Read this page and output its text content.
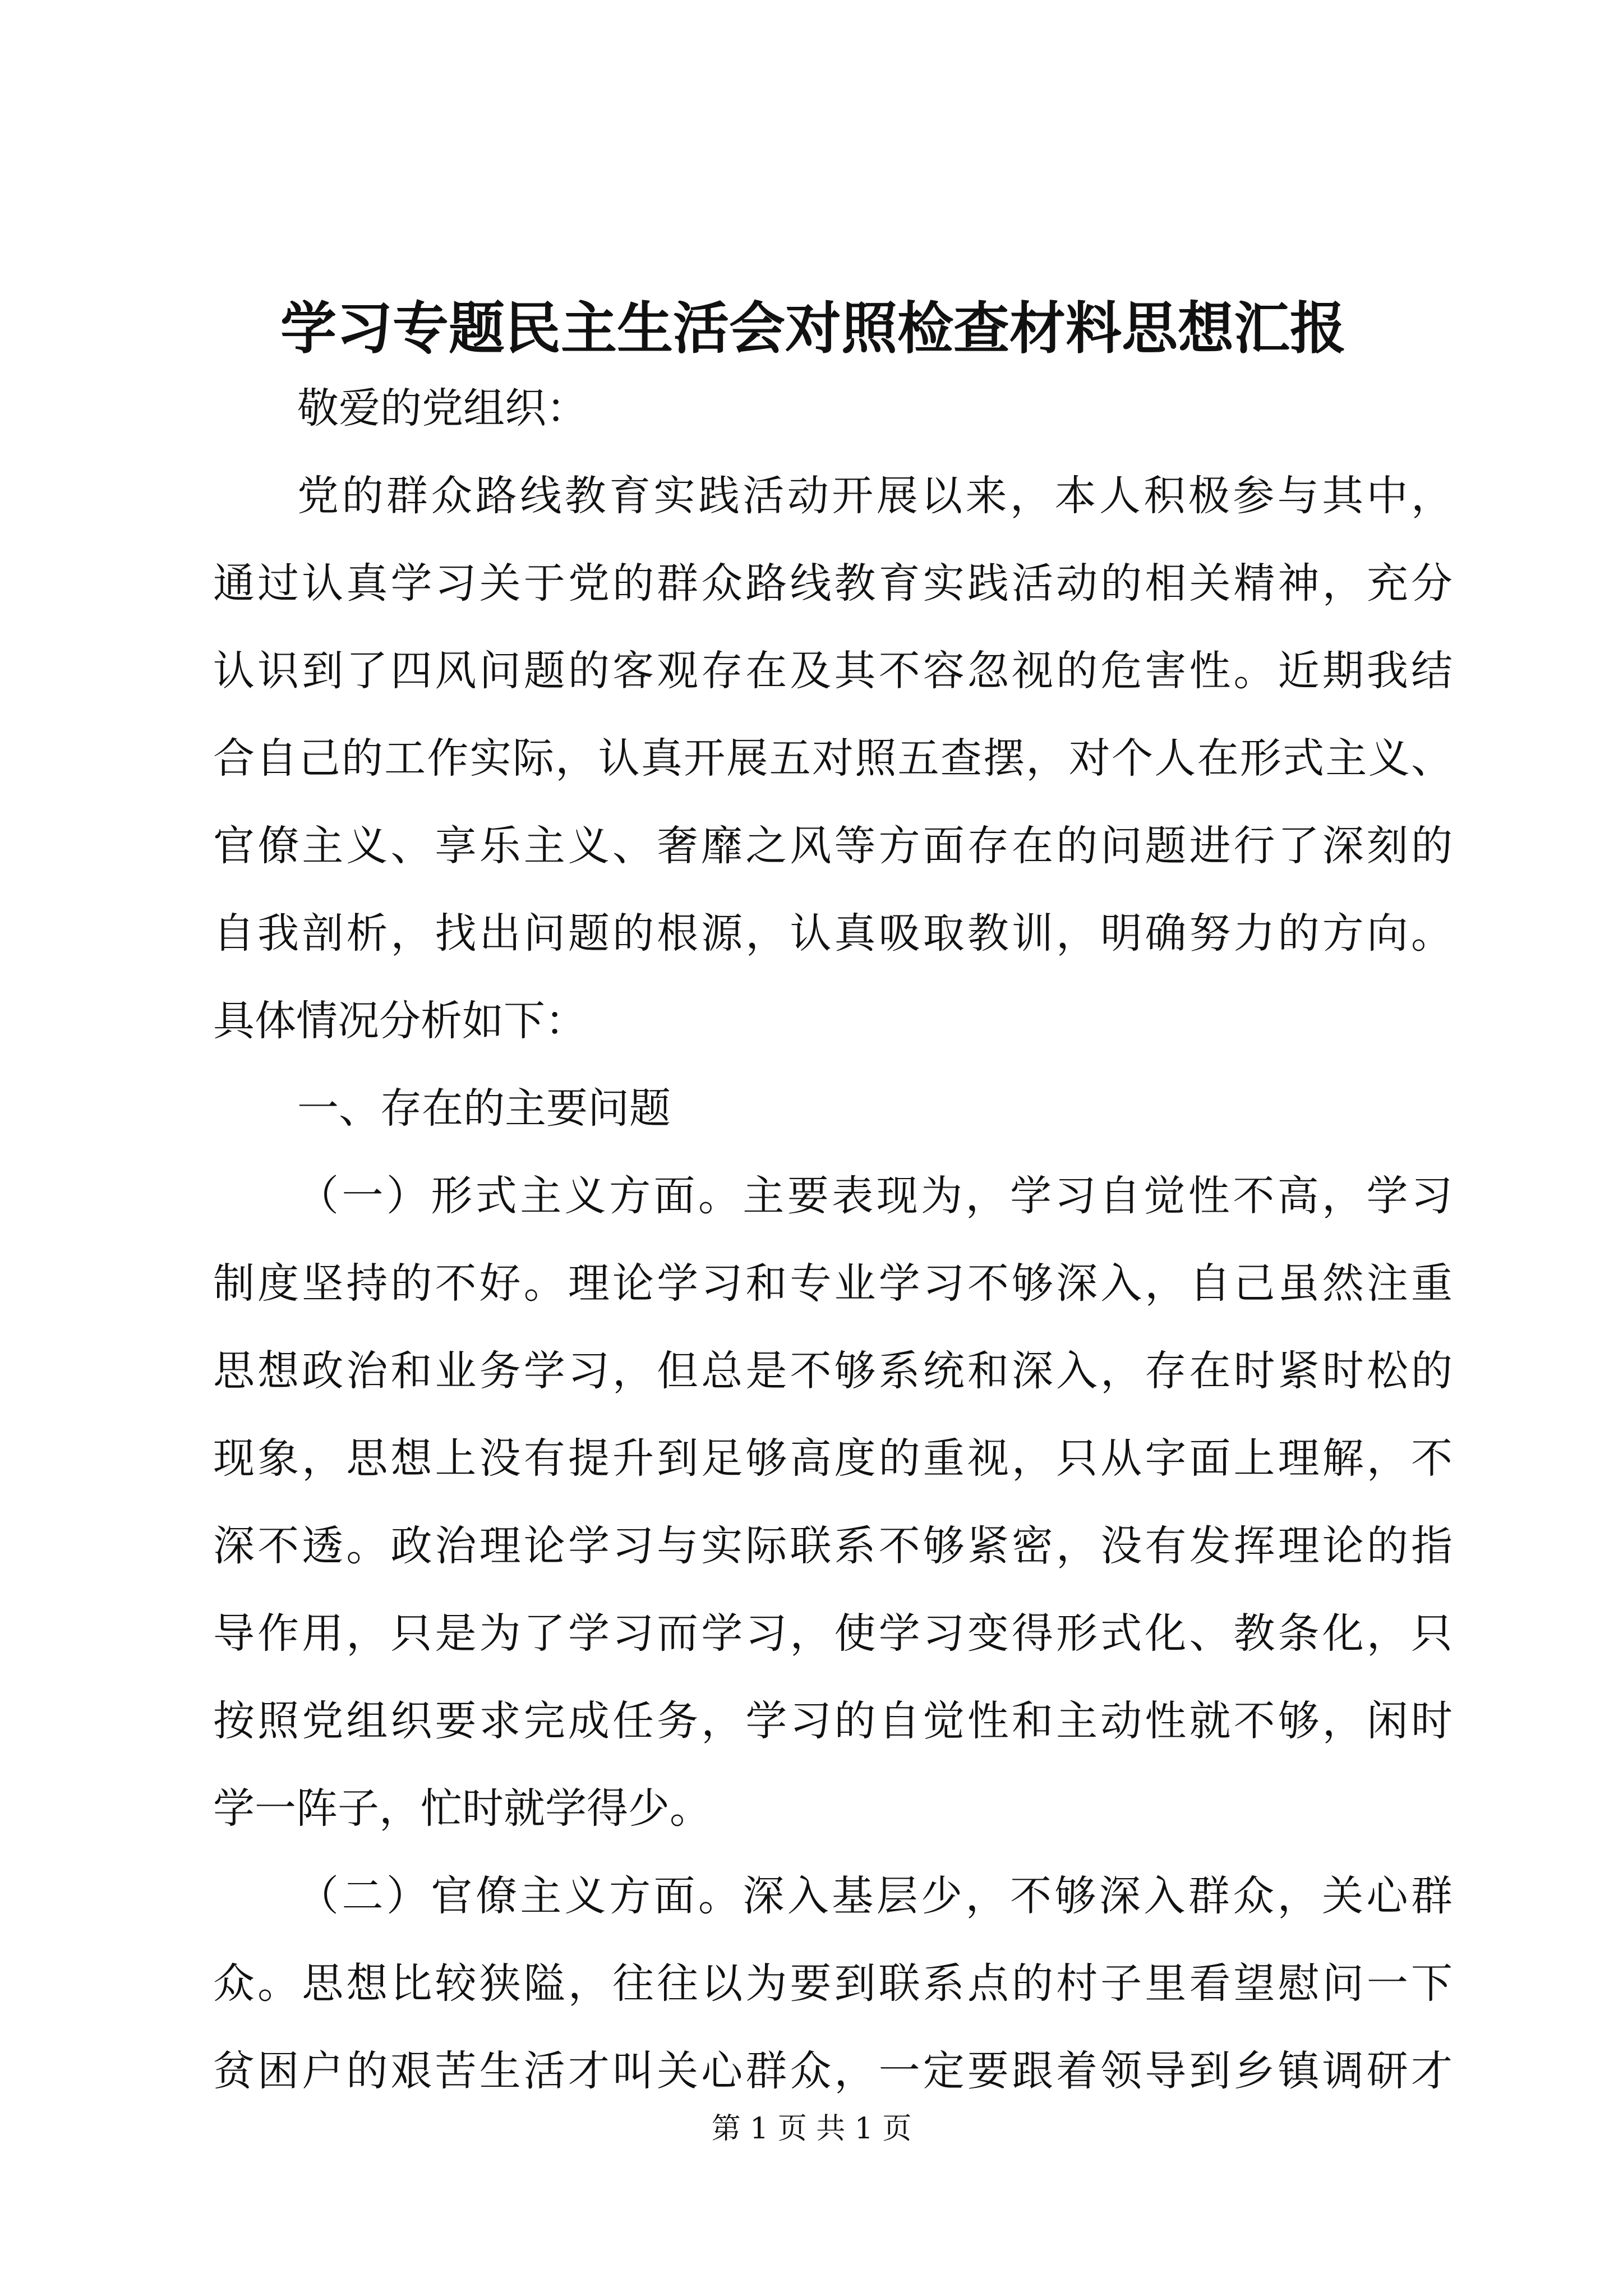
学习专题民主生活会对照检查材料思想汇报
敬爱的党组织：
党的群众路线教育实践活动开展以来，本人积极参与其中，
通过认真学习关于党的群众路线教育实践活动的相关精神，充分
认识到了四风问题的客观存在及其不容忽视的危害性。近期我结
合自己的工作实际，认真开展五对照五查摆，对个人在形式主义、
官僚主义、享乐主义、奢靡之风等方面存在的问题进行了深刻的
自我剖析，找出问题的根源，认真吸取教训，明确努力的方向。
具体情况分析如下：
一、存在的主要问题
（一）形式主义方面。主要表现为，学习自觉性不高，学习
制度坚持的不好。理论学习和专业学习不够深入，自己虽然注重
思想政治和业务学习，但总是不够系统和深入，存在时紧时松的
现象，思想上没有提升到足够高度的重视，只从字面上理解，不
深不透。政治理论学习与实际联系不够紧密，没有发挥理论的指
导作用，只是为了学习而学习，使学习变得形式化、教条化，只
按照党组织要求完成任务，学习的自觉性和主动性就不够，闲时
学一阵子，忙时就学得少。
（二）官僚主义方面。深入基层少，不够深入群众，关心群
众。思想比较狭隘，往往以为要到联系点的村子里看望慰问一下
贫困户的艰苦生活才叫关心群众，一定要跟着领导到乡镇调研才
第 1 页 共 1 页
